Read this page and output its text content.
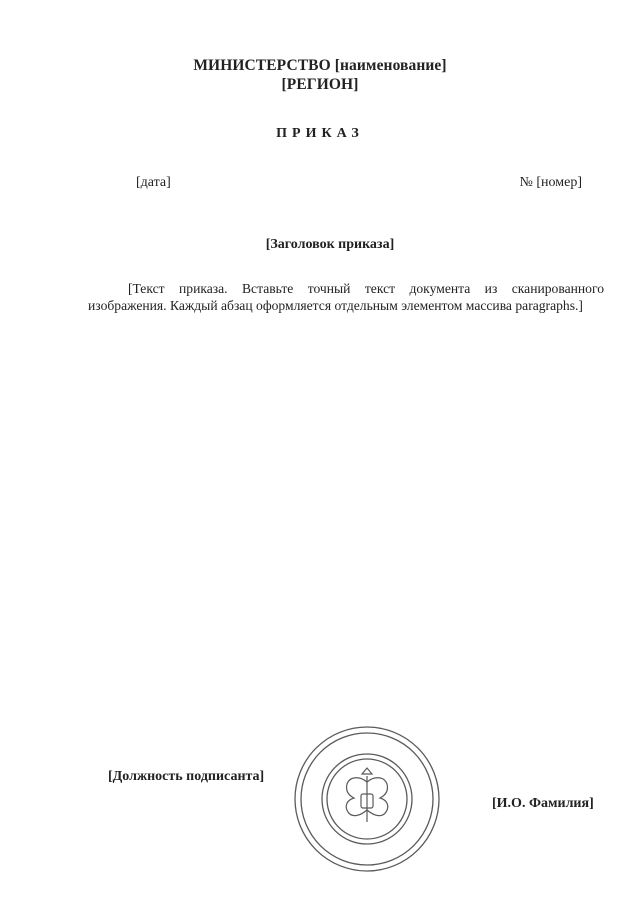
МИНИСТЕРСТВО [наименование]
[РЕГИОН]
ПРИКАЗ
[дата]	№ [номер]
[Заголовок приказа]

[Текст приказа. Вставьте точный текст документа из сканированного изображения. Каждый абзац оформляется отдельным элементом массива paragraphs.]

[Должность подписанта]
[И.О. Фамилия]
